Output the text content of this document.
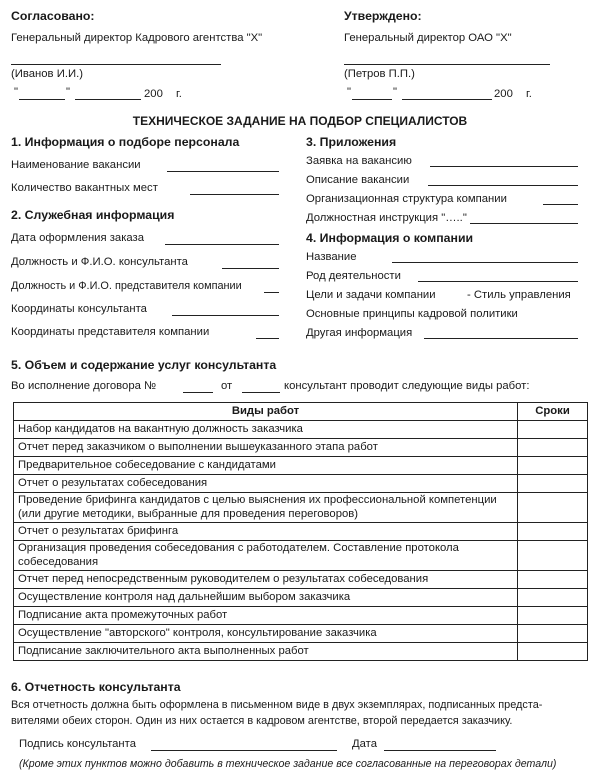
Согласовано:
Генеральный директор Кадрового агентства "Х"
(Иванов И.И.)
"	"	200 г.
Утверждено:
Генеральный директор ОАО "Х"
(Петров П.П.)
"	"	200 г.
ТЕХНИЧЕСКОЕ ЗАДАНИЕ НА ПОДБОР СПЕЦИАЛИСТОВ
1. Информация о подборе персонала
Наименование вакансии
Количество вакантных мест
2. Служебная информация
Дата оформления заказа
Должность и Ф.И.О. консультанта
Должность и Ф.И.О. представителя компании
Координаты консультанта
Координаты представителя компании
3. Приложения
Заявка на вакансию
Описание вакансии
Организационная структура компании
Должностная инструкция "….."
4. Информация о компании
Название
Род деятельности
Цели и задачи компании	- Стиль управления
Основные принципы кадровой политики
Другая информация
5. Объем и содержание услуг консультанта
Во исполнение договора №	от	консультант проводит следующие виды работ:
Виды работ	Сроки
Набор кандидатов на вакантную должность заказчика	
Отчет перед заказчиком о выполнении вышеуказанного этапа работ	
Предварительное собеседование с кандидатами	
Отчет о результатах собеседования	
Проведение брифинга кандидатов с целью выяснения их профессиональной компетенции (или другие методики, выбранные для проведения переговоров)	
Отчет о результатах брифинга	
Организация проведения собеседования с работодателем. Составление протокола собеседования	
Отчет перед непосредственным руководителем о результатах собеседования	
Осуществление контроля над дальнейшим выбором заказчика	
Подписание акта промежуточных работ	
Осуществление "авторского" контроля, консультирование заказчика	
Подписание заключительного акта выполненных работ	
6. Отчетность консультанта
Вся отчетность должна быть оформлена в письменном виде в двух экземплярах, подписанных предста-
вителями обеих сторон. Один из них остается в кадровом агентстве, второй передается заказчику.
Подпись консультанта	Дата
(Кроме этих пунктов можно добавить в техническое задание все согласованные на переговорах детали)
